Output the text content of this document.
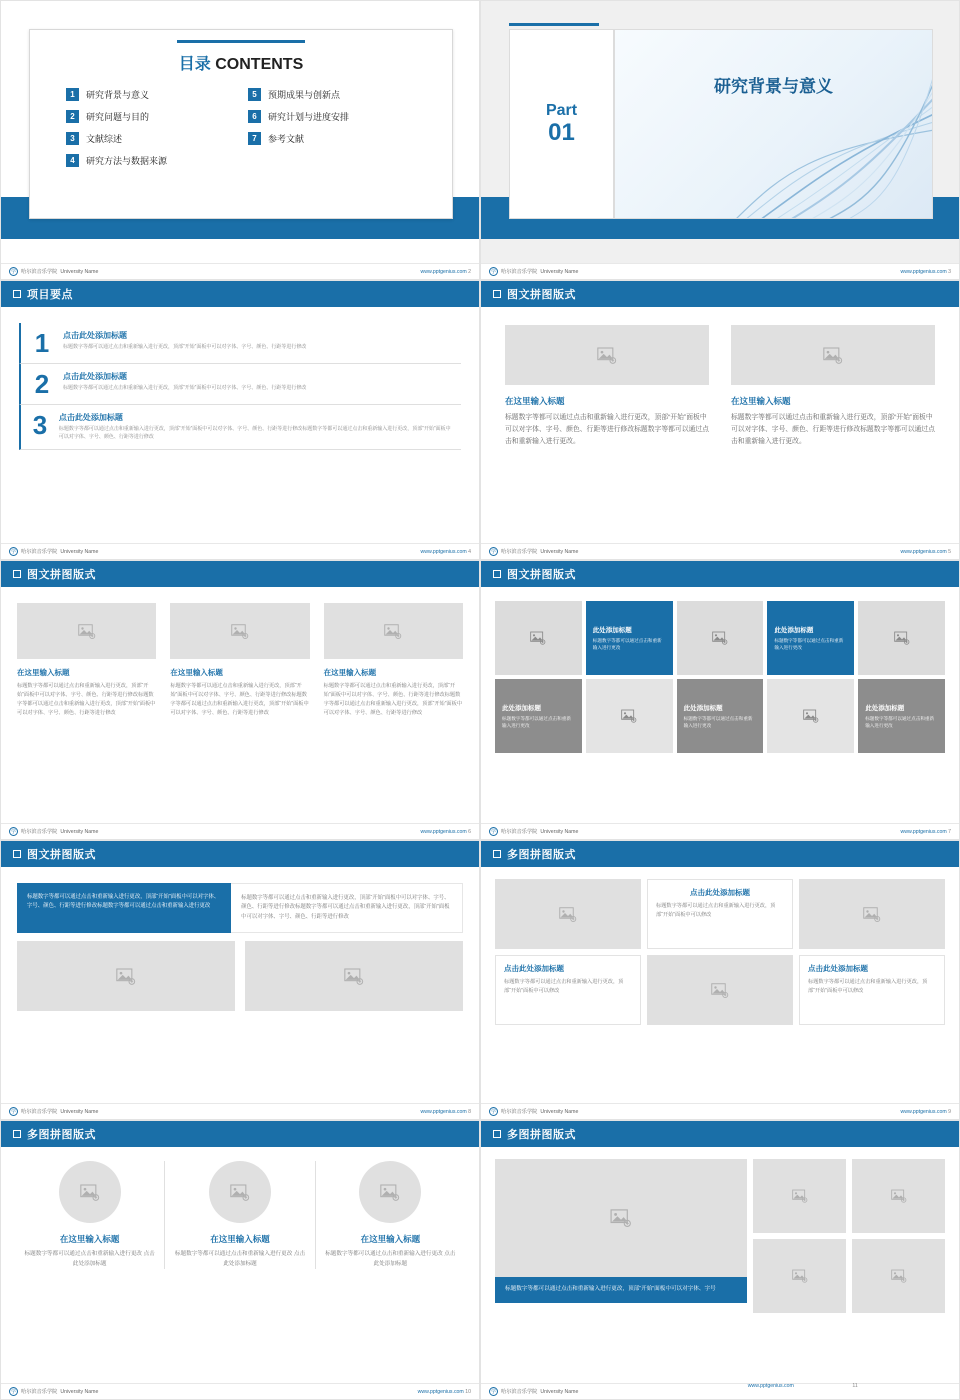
目录 CONTENTS
1	研究背景与意义	5	预期成果与创新点
2	研究问题与目的	6	研究计划与进度安排
3	文献综述	7	参考文献
4	研究方法与数据来源
学 哈尔滨音乐学院 University Name	www.pptgenius.com 2
Part
01
研究背景与意义
学 哈尔滨音乐学院 University Name	www.pptgenius.com 3
项目要点
1	点击此处添加标题

标题数字等都可以通过点击和重新输入进行更改，顶部“开始”面板中可以对字体、字号、颜色、行距等进行修改

2	点击此处添加标题

标题数字等都可以通过点击和重新输入进行更改，顶部“开始”面板中可以对字体、字号、颜色、行距等进行修改

3 点击此处添加标题

标题数字等都可以通过点击和重新输入进行更改，顶部“开始”面板中可以对字体、字号、颜色、行距等进行修改标题数字等都可以通过点击和重新输入进行更改，顶部“开始”面板中可以对字体、字号、颜色、行距等进行修改

学 哈尔滨音乐学院 University Name	www.pptgenius.com 4
图文拼图版式
在这里输入标题

标题数字等都可以通过点击和重新输入进行更改，顶部“开始”面板中可以对字体、字号、颜色、行距等进行修改标题数字等都可以通过点击和重新输入进行更改。

在这里输入标题

标题数字等都可以通过点击和重新输入进行更改，顶部“开始”面板中可以对字体、字号、颜色、行距等进行修改标题数字等都可以通过点击和重新输入进行更改。

学 哈尔滨音乐学院 University Name	www.pptgenius.com 5
图文拼图版式
在这里输入标题

标题数字等都可以通过点击和重新输入进行更改，顶部“开始”面板中可以对字体、字号、颜色、行距等进行修改标题数字等都可以通过点击和重新输入进行更改，顶部“开始”面板中可以对字体、字号、颜色、行距等进行修改

在这里输入标题

标题数字等都可以通过点击和重新输入进行更改，顶部“开始”面板中可以对字体、字号、颜色、行距等进行修改标题数字等都可以通过点击和重新输入进行更改，顶部“开始”面板中可以对字体、字号、颜色、行距等进行修改

在这里输入标题

标题数字等都可以通过点击和重新输入进行更改，顶部“开始”面板中可以对字体、字号、颜色、行距等进行修改标题数字等都可以通过点击和重新输入进行更改，顶部“开始”面板中可以对字体、字号、颜色、行距等进行修改

学 哈尔滨音乐学院 University Name	www.pptgenius.com 6
图文拼图版式
此处添加标题

标题数字等都可以通过点击和重新输入进行更改

此处添加标题

标题数字等都可以通过点击和重新输入进行更改

此处添加标题

标题数字等都可以通过点击和重新输入进行更改

此处添加标题

标题数字等都可以通过点击和重新输入进行更改

此处添加标题

标题数字等都可以通过点击和重新输入进行更改

学 哈尔滨音乐学院 University Name	www.pptgenius.com 7
图文拼图版式
标题数字等都可以通过点击和重新输入进行更改，顶部“开始”面板中可以对字体、字号、颜色、行距等进行修改标题数字等都可以通过点击和重新输入进行更改
标题数字等都可以通过点击和重新输入进行更改，顶部“开始”面板中可以对字体、字号、颜色、行距等进行修改标题数字等都可以通过点击和重新输入进行更改，顶部“开始”面板中可以对字体、字号、颜色、行距等进行修改
学 哈尔滨音乐学院 University Name	www.pptgenius.com 8
多图拼图版式
点击此处添加标题

标题数字等都可以通过点击和重新输入进行更改，顶部“开始”面板中可以修改

点击此处添加标题

标题数字等都可以通过点击和重新输入进行更改，顶部“开始”面板中可以修改

点击此处添加标题

标题数字等都可以通过点击和重新输入进行更改，顶部“开始”面板中可以修改

学 哈尔滨音乐学院 University Name	www.pptgenius.com 9
多图拼图版式
在这里输入标题

标题数字等都可以通过点击和重新输入进行更改 点击此处添加标题

在这里输入标题

标题数字等都可以通过点击和重新输入进行更改 点击此处添加标题

在这里输入标题

标题数字等都可以通过点击和重新输入进行更改 点击此处添加标题

学 哈尔滨音乐学院 University Name	www.pptgenius.com 10
多图拼图版式
标题数字等都可以通过点击和重新输入进行更改，顶部“开始”面板中可以对字体、字号
学 哈尔滨音乐学院 University Name
www.pptgenius.com	11
